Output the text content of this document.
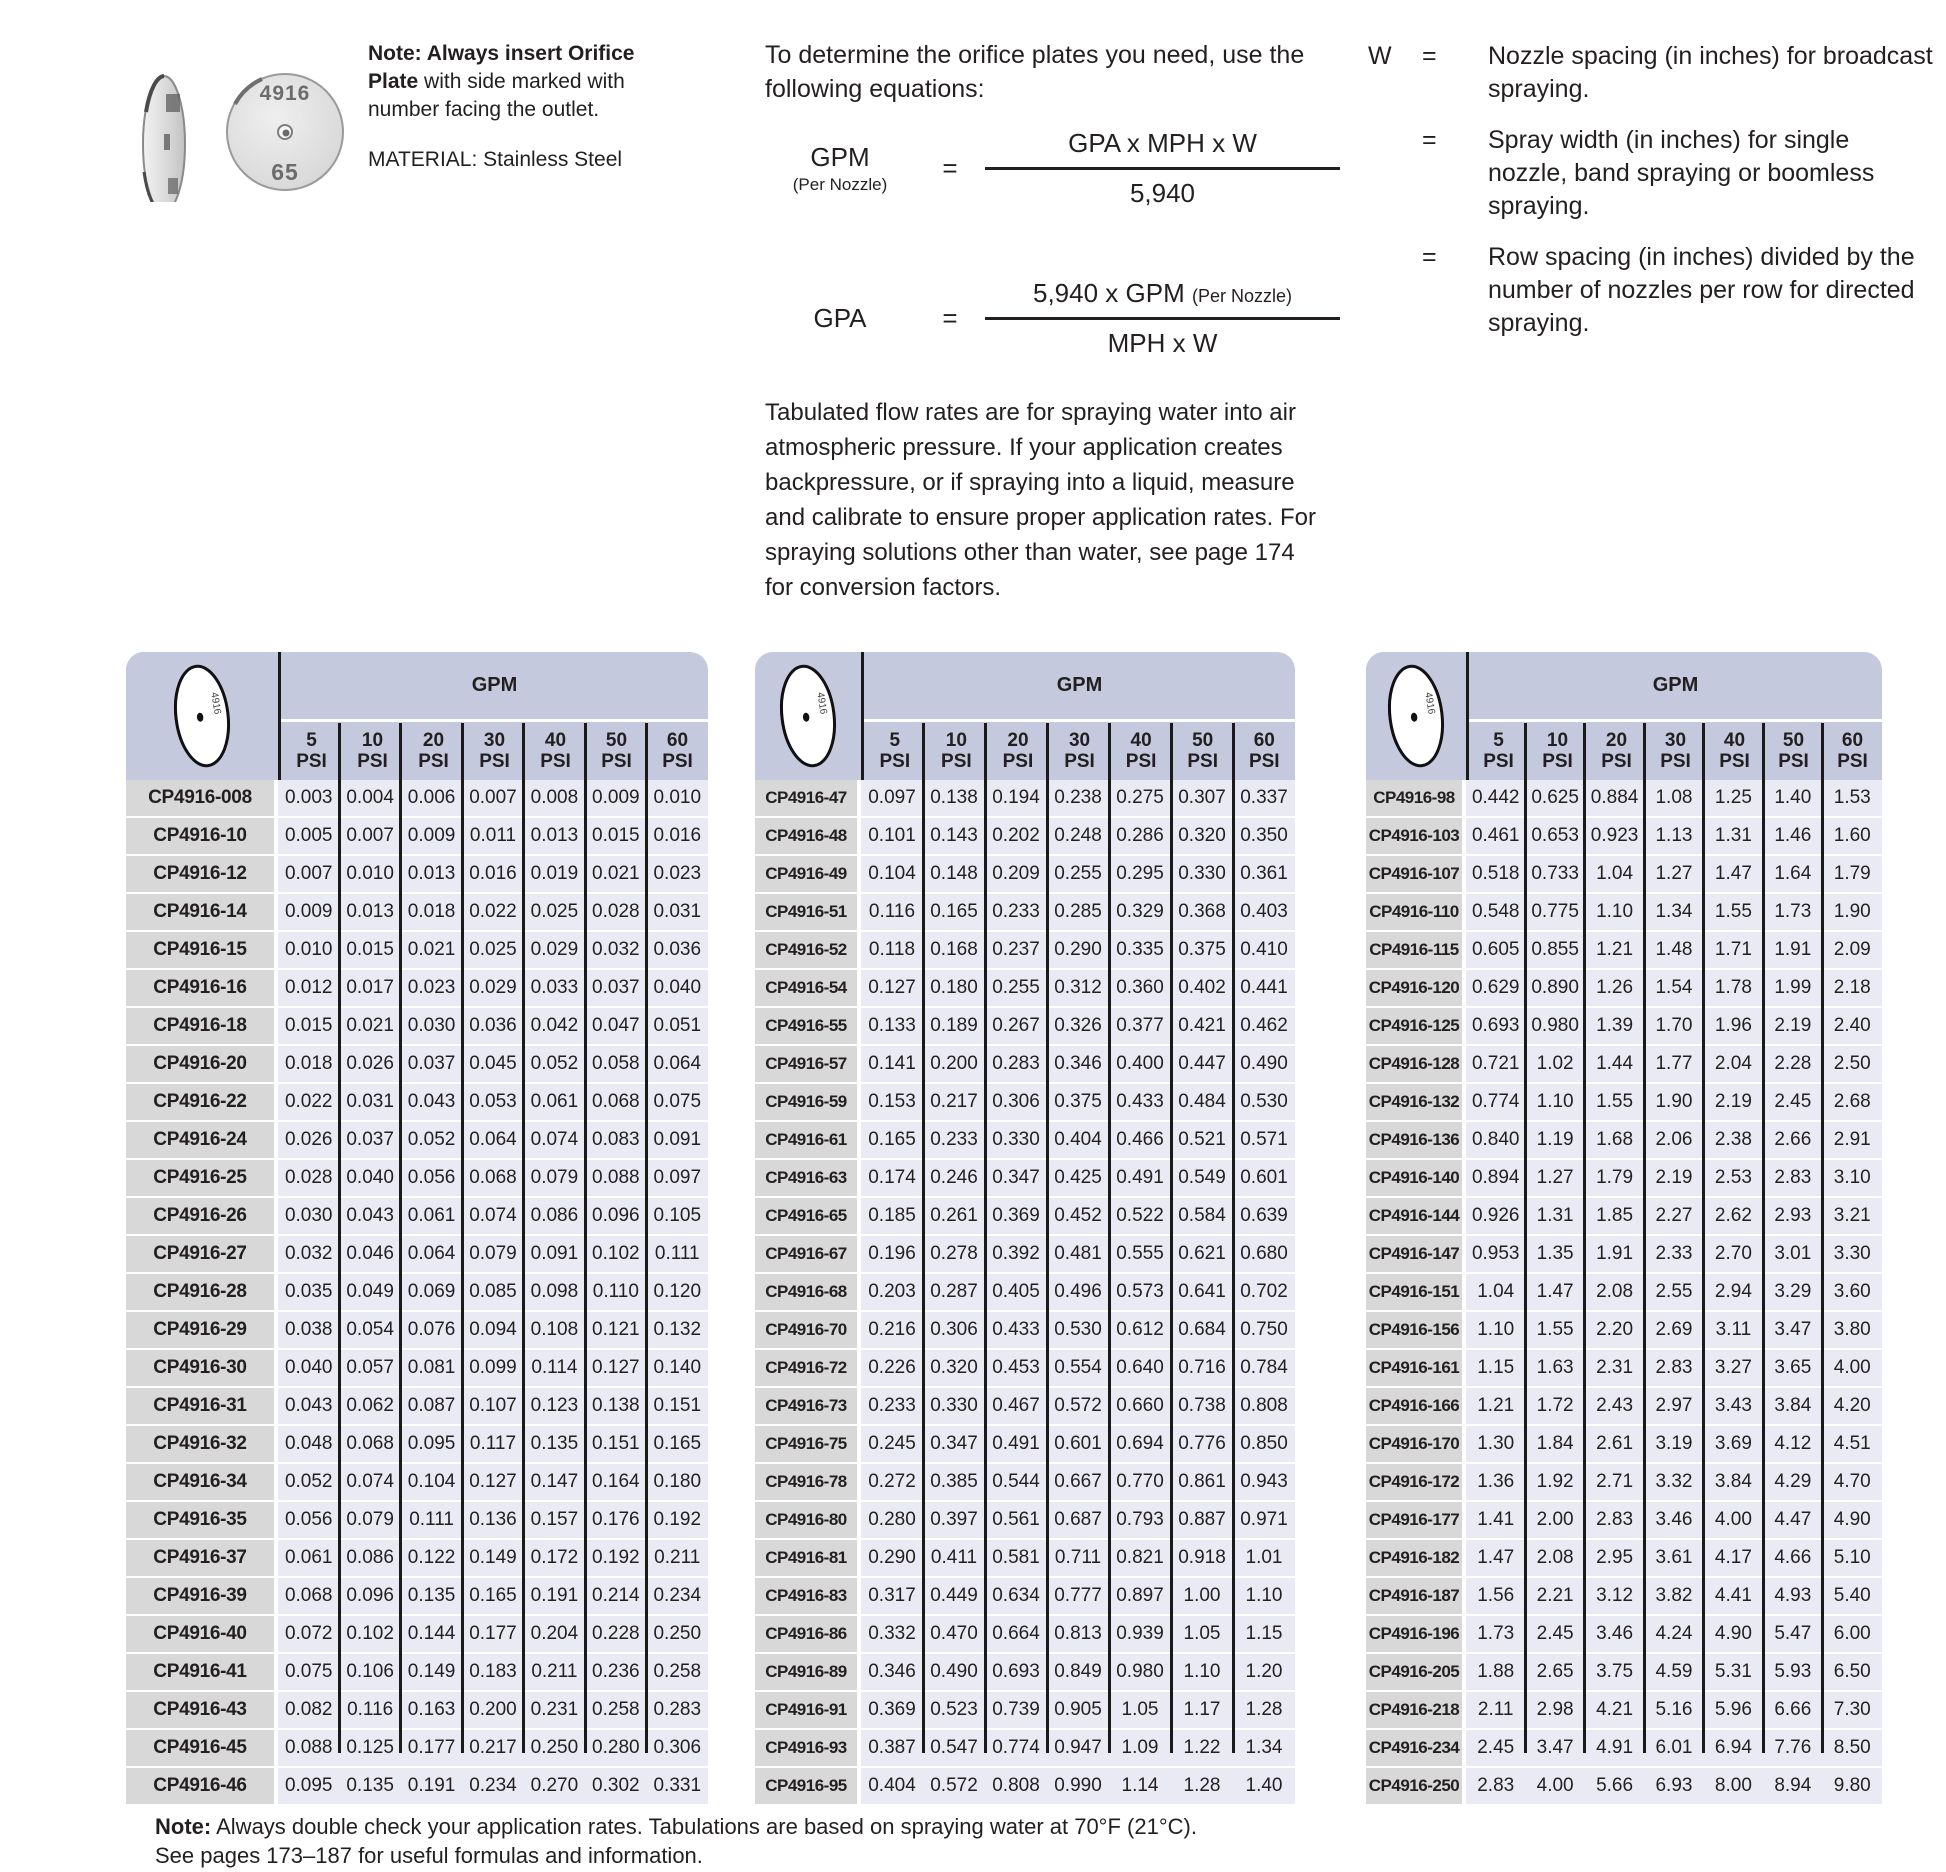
4916
65
Note: Always insert Orifice Plate with side marked with number facing the outlet.
MATERIAL: Stainless Steel
To determine the orifice plates you need, use the following equations:
GPM
(Per Nozzle)
=	$\frac{\text{GPA x MPH x W}}{5,940}$
GPA	=	$\frac{\text{5,940 x GPM (Per Nozzle)}}{\text{MPH x W}}$
Tabulated flow rates are for spraying water into air atmospheric pressure. If your application creates backpressure, or if spraying into a liquid, measure and calibrate to ensure proper application rates. For spraying solutions other than water, see page 174 for conversion factors.
W	=	Nozzle spacing (in inches) for broadcast spraying.
=	Spray width (in inches) for single nozzle, band spraying or boomless spraying.
=	Row spacing (in inches) divided by the number of nozzles per row for directed spraying.
4916
GPM
5
PSI
10
PSI
20
PSI
30
PSI
40
PSI
50
PSI
60
PSI
CP4916-008	0.003 0.004 0.006 0.007 0.008 0.009 0.010
CP4916-10	0.005 0.007 0.009 0.011 0.013 0.015 0.016
CP4916-12	0.007 0.010 0.013 0.016 0.019 0.021 0.023
CP4916-14	0.009 0.013 0.018 0.022 0.025 0.028 0.031
CP4916-15	0.010 0.015 0.021 0.025 0.029 0.032 0.036
CP4916-16	0.012 0.017 0.023 0.029 0.033 0.037 0.040
CP4916-18	0.015 0.021 0.030 0.036 0.042 0.047 0.051
CP4916-20	0.018 0.026 0.037 0.045 0.052 0.058 0.064
CP4916-22	0.022 0.031 0.043 0.053 0.061 0.068 0.075
CP4916-24	0.026 0.037 0.052 0.064 0.074 0.083 0.091
CP4916-25	0.028 0.040 0.056 0.068 0.079 0.088 0.097
CP4916-26	0.030 0.043 0.061 0.074 0.086 0.096 0.105
CP4916-27	0.032 0.046 0.064 0.079 0.091 0.102 0.111
CP4916-28	0.035 0.049 0.069 0.085 0.098 0.110 0.120
CP4916-29	0.038 0.054 0.076 0.094 0.108 0.121 0.132
CP4916-30	0.040 0.057 0.081 0.099 0.114 0.127 0.140
CP4916-31	0.043 0.062 0.087 0.107 0.123 0.138 0.151
CP4916-32	0.048 0.068 0.095 0.117 0.135 0.151 0.165
CP4916-34	0.052 0.074 0.104 0.127 0.147 0.164 0.180
CP4916-35	0.056 0.079 0.111 0.136 0.157 0.176 0.192
CP4916-37	0.061 0.086 0.122 0.149 0.172 0.192 0.211
CP4916-39	0.068 0.096 0.135 0.165 0.191 0.214 0.234
CP4916-40	0.072 0.102 0.144 0.177 0.204 0.228 0.250
CP4916-41	0.075 0.106 0.149 0.183 0.211 0.236 0.258
CP4916-43	0.082 0.116 0.163 0.200 0.231 0.258 0.283
CP4916-45	0.088 0.125 0.177 0.217 0.250 0.280 0.306
CP4916-46	0.095 0.135 0.191 0.234 0.270 0.302 0.331
4916
GPM
5
PSI
10
PSI
20
PSI
30
PSI
40
PSI
50
PSI
60
PSI
CP4916-47	0.097 0.138 0.194 0.238 0.275 0.307 0.337
CP4916-48	0.101 0.143 0.202 0.248 0.286 0.320 0.350
CP4916-49	0.104 0.148 0.209 0.255 0.295 0.330 0.361
CP4916-51	0.116 0.165 0.233 0.285 0.329 0.368 0.403
CP4916-52	0.118 0.168 0.237 0.290 0.335 0.375 0.410
CP4916-54	0.127 0.180 0.255 0.312 0.360 0.402 0.441
CP4916-55	0.133 0.189 0.267 0.326 0.377 0.421 0.462
CP4916-57	0.141 0.200 0.283 0.346 0.400 0.447 0.490
CP4916-59	0.153 0.217 0.306 0.375 0.433 0.484 0.530
CP4916-61	0.165 0.233 0.330 0.404 0.466 0.521 0.571
CP4916-63	0.174 0.246 0.347 0.425 0.491 0.549 0.601
CP4916-65	0.185 0.261 0.369 0.452 0.522 0.584 0.639
CP4916-67	0.196 0.278 0.392 0.481 0.555 0.621 0.680
CP4916-68	0.203 0.287 0.405 0.496 0.573 0.641 0.702
CP4916-70	0.216 0.306 0.433 0.530 0.612 0.684 0.750
CP4916-72	0.226 0.320 0.453 0.554 0.640 0.716 0.784
CP4916-73	0.233 0.330 0.467 0.572 0.660 0.738 0.808
CP4916-75	0.245 0.347 0.491 0.601 0.694 0.776 0.850
CP4916-78	0.272 0.385 0.544 0.667 0.770 0.861 0.943
CP4916-80	0.280 0.397 0.561 0.687 0.793 0.887 0.971
CP4916-81	0.290 0.411 0.581 0.711 0.821 0.918	1.01
CP4916-83	0.317 0.449 0.634 0.777 0.897	1.00	1.10
CP4916-86	0.332 0.470 0.664 0.813 0.939	1.05	1.15
CP4916-89	0.346 0.490 0.693 0.849 0.980	1.10	1.20
CP4916-91	0.369 0.523 0.739 0.905	1.05	1.17	1.28
CP4916-93	0.387 0.547 0.774 0.947	1.09	1.22	1.34
CP4916-95	0.404 0.572 0.808 0.990	1.14	1.28	1.40
4916
GPM
5
PSI
10
PSI
20
PSI
30
PSI
40
PSI
50
PSI
60
PSI
CP4916-98 0.442 0.625 0.884 1.08	1.25	1.40	1.53
CP4916-103 0.461 0.653 0.923 1.13	1.31	1.46	1.60
CP4916-107 0.518 0.733 1.04	1.27	1.47	1.64	1.79
CP4916-110 0.548 0.775 1.10	1.34	1.55	1.73	1.90
CP4916-115 0.605 0.855 1.21	1.48	1.71	1.91	2.09
CP4916-120 0.629 0.890 1.26	1.54	1.78	1.99	2.18
CP4916-125 0.693 0.980 1.39	1.70	1.96	2.19	2.40
CP4916-128 0.721 1.02	1.44	1.77	2.04	2.28	2.50
CP4916-132 0.774 1.10	1.55	1.90	2.19	2.45	2.68
CP4916-136 0.840 1.19	1.68	2.06	2.38	2.66	2.91
CP4916-140 0.894 1.27	1.79	2.19	2.53	2.83	3.10
CP4916-144 0.926 1.31	1.85	2.27	2.62	2.93	3.21
CP4916-147 0.953 1.35	1.91	2.33	2.70	3.01	3.30
CP4916-151 1.04	1.47	2.08	2.55	2.94	3.29	3.60
CP4916-156 1.10	1.55	2.20	2.69	3.11	3.47	3.80
CP4916-161 1.15	1.63	2.31	2.83	3.27	3.65	4.00
CP4916-166 1.21	1.72	2.43	2.97	3.43	3.84	4.20
CP4916-170 1.30	1.84	2.61	3.19	3.69	4.12	4.51
CP4916-172 1.36	1.92	2.71	3.32	3.84	4.29	4.70
CP4916-177 1.41	2.00	2.83	3.46	4.00	4.47	4.90
CP4916-182 1.47	2.08	2.95	3.61	4.17	4.66	5.10
CP4916-187 1.56	2.21	3.12	3.82	4.41	4.93	5.40
CP4916-196 1.73	2.45	3.46	4.24	4.90	5.47	6.00
CP4916-205 1.88	2.65	3.75	4.59	5.31	5.93	6.50
CP4916-218 2.11	2.98	4.21	5.16	5.96	6.66	7.30
CP4916-234 2.45	3.47	4.91	6.01	6.94	7.76	8.50
CP4916-250 2.83	4.00	5.66	6.93	8.00	8.94	9.80
Note: Always double check your application rates. Tabulations are based on spraying water at 70°F (21°C).
See pages 173–187 for useful formulas and information.
